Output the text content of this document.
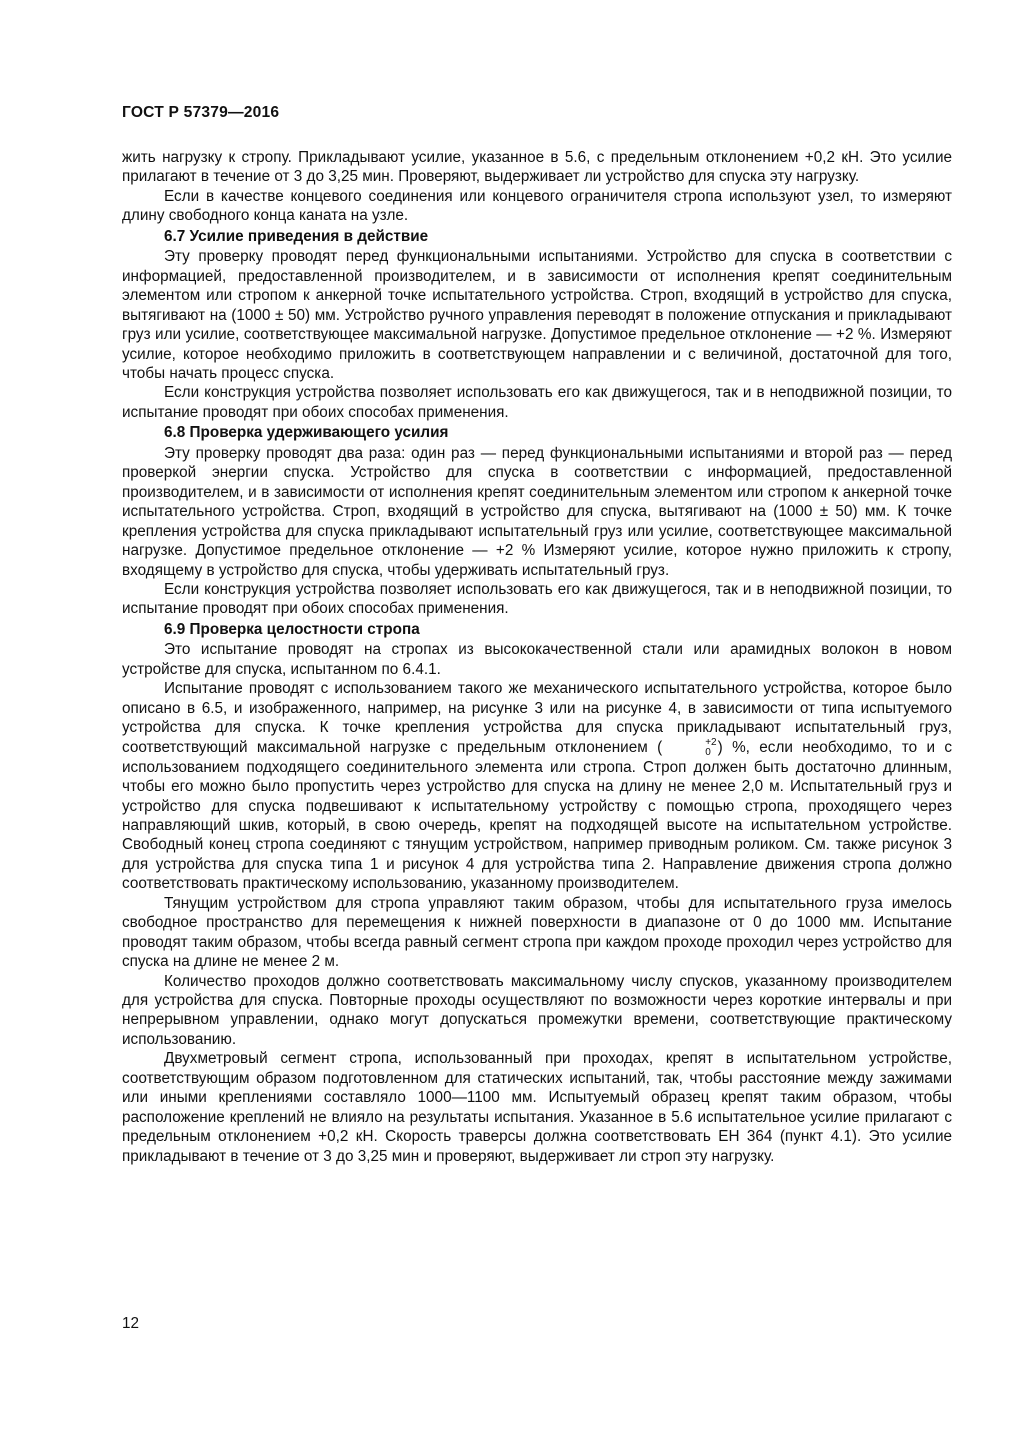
ГОСТ Р 57379—2016

жить нагрузку к стропу. Прикладывают усилие, указанное в 5.6, с предельным отклонением +0,2 кН. Это усилие прилагают в течение от 3 до 3,25 мин. Проверяют, выдерживает ли устройство для спуска эту нагрузку.

Если в качестве концевого соединения или концевого ограничителя стропа используют узел, то измеряют длину свободного конца каната на узле.

6.7 Усилие приведения в действие

Эту проверку проводят перед функциональными испытаниями. Устройство для спуска в соответствии с информацией, предоставленной производителем, и в зависимости от исполнения крепят соединительным элементом или стропом к анкерной точке испытательного устройства. Строп, входящий в устройство для спуска, вытягивают на (1000 ± 50) мм. Устройство ручного управления переводят в положение отпускания и прикладывают груз или усилие, соответствующее максимальной нагрузке. Допустимое предельное отклонение — +2 %. Измеряют усилие, которое необходимо приложить в соответствующем направлении и с величиной, достаточной для того, чтобы начать процесс спуска.

Если конструкция устройства позволяет использовать его как движущегося, так и в неподвижной позиции, то испытание проводят при обоих способах применения.

6.8 Проверка удерживающего усилия

Эту проверку проводят два раза: один раз — перед функциональными испытаниями и второй раз — перед проверкой энергии спуска. Устройство для спуска в соответствии с информацией, предоставленной производителем, и в зависимости от исполнения крепят соединительным элементом или стропом к анкерной точке испытательного устройства. Строп, входящий в устройство для спуска, вытягивают на (1000 ± 50) мм. К точке крепления устройства для спуска прикладывают испытательный груз или усилие, соответствующее максимальной нагрузке. Допустимое предельное отклонение — +2 % Измеряют усилие, которое нужно приложить к стропу, входящему в устройство для спуска, чтобы удерживать испытательный груз.

Если конструкция устройства позволяет использовать его как движущегося, так и в неподвижной позиции, то испытание проводят при обоих способах применения.

6.9 Проверка целостности стропа

Это испытание проводят на стропах из высококачественной стали или арамидных волокон в новом устройстве для спуска, испытанном по 6.4.1.

Испытание проводят с использованием такого же механического испытательного устройства, которое было описано в 6.5, и изображенного, например, на рисунке 3 или на рисунке 4, в зависимости от типа испытуемого устройства для спуска. К точке крепления устройства для спуска прикладывают испытательный груз, соответствующий максимальной нагрузке с предельным отклонением (	+2
0 ) %, если необходимо, то и с использованием подходящего соединительного элемента или стропа. Строп должен быть достаточно длинным, чтобы его можно было пропустить через устройство для спуска на длину не менее 2,0 м. Испытательный груз и устройство для спуска подвешивают к испытательному устройству с помощью стропа, проходящего через направляющий шкив, который, в свою очередь, крепят на подходящей высоте на испытательном устройстве. Свободный конец стропа соединяют с тянущим устройством, например приводным роликом. См. также рисунок 3 для устройства для спуска типа 1 и рисунок 4 для устройства типа 2. Направление движения стропа должно соответствовать практическому использованию, указанному производителем.

Тянущим устройством для стропа управляют таким образом, чтобы для испытательного груза имелось свободное пространство для перемещения к нижней поверхности в диапазоне от 0 до 1000 мм. Испытание проводят таким образом, чтобы всегда равный сегмент стропа при каждом проходе проходил через устройство для спуска на длине не менее 2 м.

Количество проходов должно соответствовать максимальному числу спусков, указанному производителем для устройства для спуска. Повторные проходы осуществляют по возможности через короткие интервалы и при непрерывном управлении, однако могут допускаться промежутки времени, соответствующие практическому использованию.

Двухметровый сегмент стропа, использованный при проходах, крепят в испытательном устройстве, соответствующим образом подготовленном для статических испытаний, так, чтобы расстояние между зажимами или иными креплениями составляло 1000—1100 мм. Испытуемый образец крепят таким образом, чтобы расположение креплений не влияло на результаты испытания. Указанное в 5.6 испытательное усилие прилагают с предельным отклонением +0,2 кН. Скорость траверсы должна соответствовать ЕН 364 (пункт 4.1). Это усилие прикладывают в течение от 3 до 3,25 мин и проверяют, выдерживает ли строп эту нагрузку.

12
